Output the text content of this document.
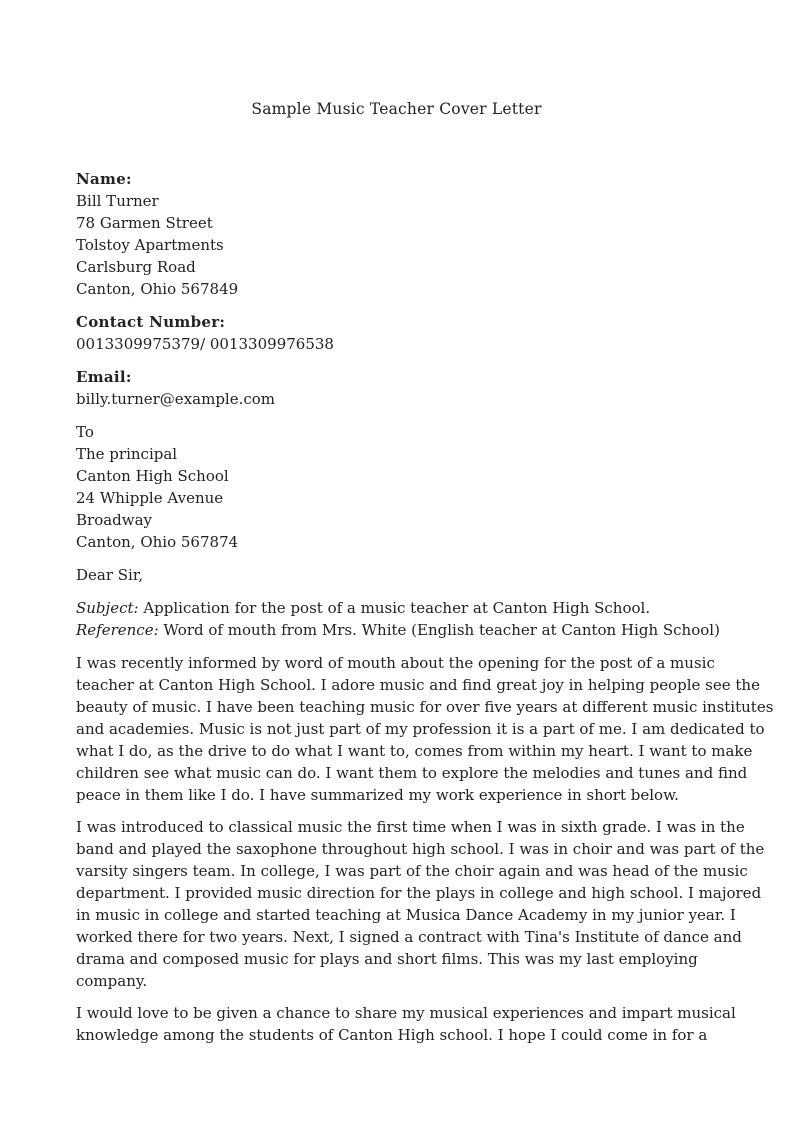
Sample Music Teacher Cover Letter
Name:
Bill Turner
78 Garmen Street
Tolstoy Apartments
Carlsburg Road
Canton, Ohio 567849
Contact Number:
0013309975379/ 0013309976538
Email:
billy.turner@example.com
To
The principal
Canton High School
24 Whipple Avenue
Broadway
Canton, Ohio 567874
Dear Sir,
Subject: Application for the post of a music teacher at Canton High School.
Reference: Word of mouth from Mrs. White (English teacher at Canton High School)
I was recently informed by word of mouth about the opening for the post of a music
teacher at Canton High School. I adore music and find great joy in helping people see the
beauty of music. I have been teaching music for over five years at different music institutes
and academies. Music is not just part of my profession it is a part of me. I am dedicated to
what I do, as the drive to do what I want to, comes from within my heart. I want to make
children see what music can do. I want them to explore the melodies and tunes and find
peace in them like I do. I have summarized my work experience in short below.
I was introduced to classical music the first time when I was in sixth grade. I was in the
band and played the saxophone throughout high school. I was in choir and was part of the
varsity singers team. In college, I was part of the choir again and was head of the music
department. I provided music direction for the plays in college and high school. I majored
in music in college and started teaching at Musica Dance Academy in my junior year. I
worked there for two years. Next, I signed a contract with Tina's Institute of dance and
drama and composed music for plays and short films. This was my last employing
company.
I would love to be given a chance to share my musical experiences and impart musical
knowledge among the students of Canton High school. I hope I could come in for a
